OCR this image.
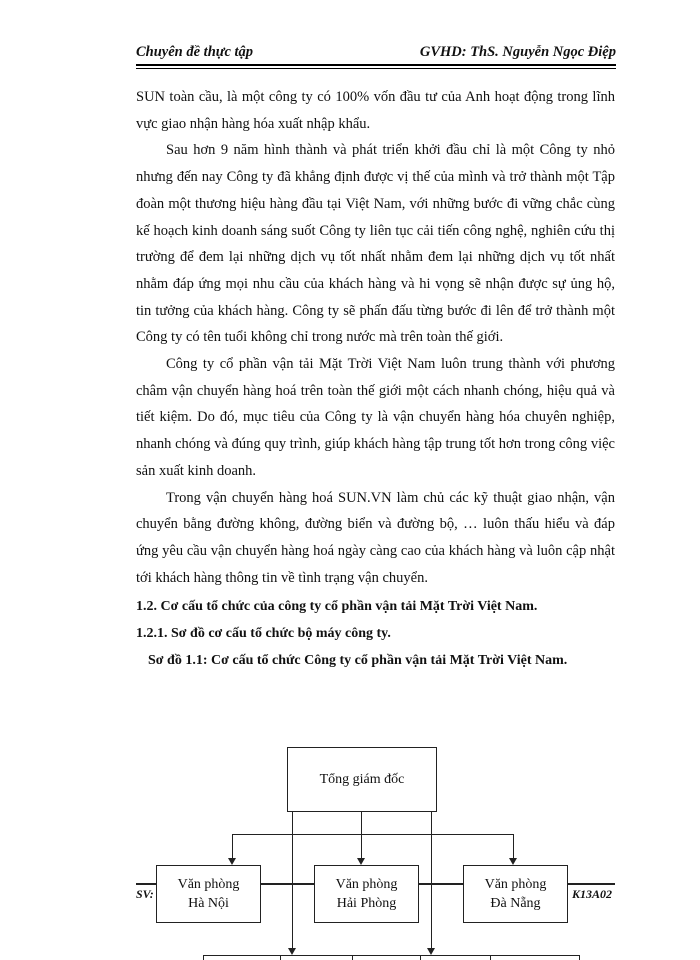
Chuyên đề thực tập	GVHD: ThS. Nguyễn Ngọc Điệp

SUN toàn cầu, là một công ty có 100% vốn đầu tư của Anh hoạt động trong lĩnh vực giao nhận hàng hóa xuất nhập khẩu.

Sau hơn 9 năm hình thành và phát triển khởi đầu chỉ là một Công ty nhỏ nhưng đến nay Công ty đã khẳng định được vị thế của mình và trở thành một Tập đoàn một thương hiệu hàng đầu tại Việt Nam, với những bước đi vững chắc cùng kế hoạch kinh doanh sáng suốt Công ty liên tục cải tiến công nghệ, nghiên cứu thị trường để đem lại những dịch vụ tốt nhất nhằm đem lại những dịch vụ tốt nhất nhằm đáp ứng mọi nhu cầu của khách hàng và hi vọng sẽ nhận được sự ủng hộ, tin tưởng của khách hàng. Công ty sẽ phấn đấu từng bước đi lên để trở thành một Công ty có tên tuổi không chỉ trong nước mà trên toàn thế giới.

Công ty cổ phần vận tải Mặt Trời Việt Nam luôn trung thành với phương châm vận chuyển hàng hoá trên toàn thế giới một cách nhanh chóng, hiệu quả và tiết kiệm. Do đó, mục tiêu của Công ty là vận chuyển hàng hóa chuyên nghiệp, nhanh chóng và đúng quy trình, giúp khách hàng tập trung tốt hơn trong công việc sản xuất kinh doanh.

Trong vận chuyển hàng hoá SUN.VN làm chủ các kỹ thuật giao nhận, vận chuyển bằng đường không, đường biển và đường bộ, … luôn thấu hiểu và đáp ứng yêu cầu vận chuyển hàng hoá ngày càng cao của khách hàng và luôn cập nhật tới khách hàng thông tin về tình trạng vận chuyển.

1.2. Cơ cấu tổ chức của công ty cổ phần vận tải Mặt Trời Việt Nam.

1.2.1. Sơ đồ cơ cấu tổ chức bộ máy công ty.

Sơ đồ 1.1: Cơ cấu tổ chức Công ty cổ phần vận tải Mặt Trời Việt Nam.

Tổng giám đốc
Văn phòng
Hà Nội
Văn phòng
Hải Phòng
Văn phòng
Đà Nẵng
SV:	K13A02
